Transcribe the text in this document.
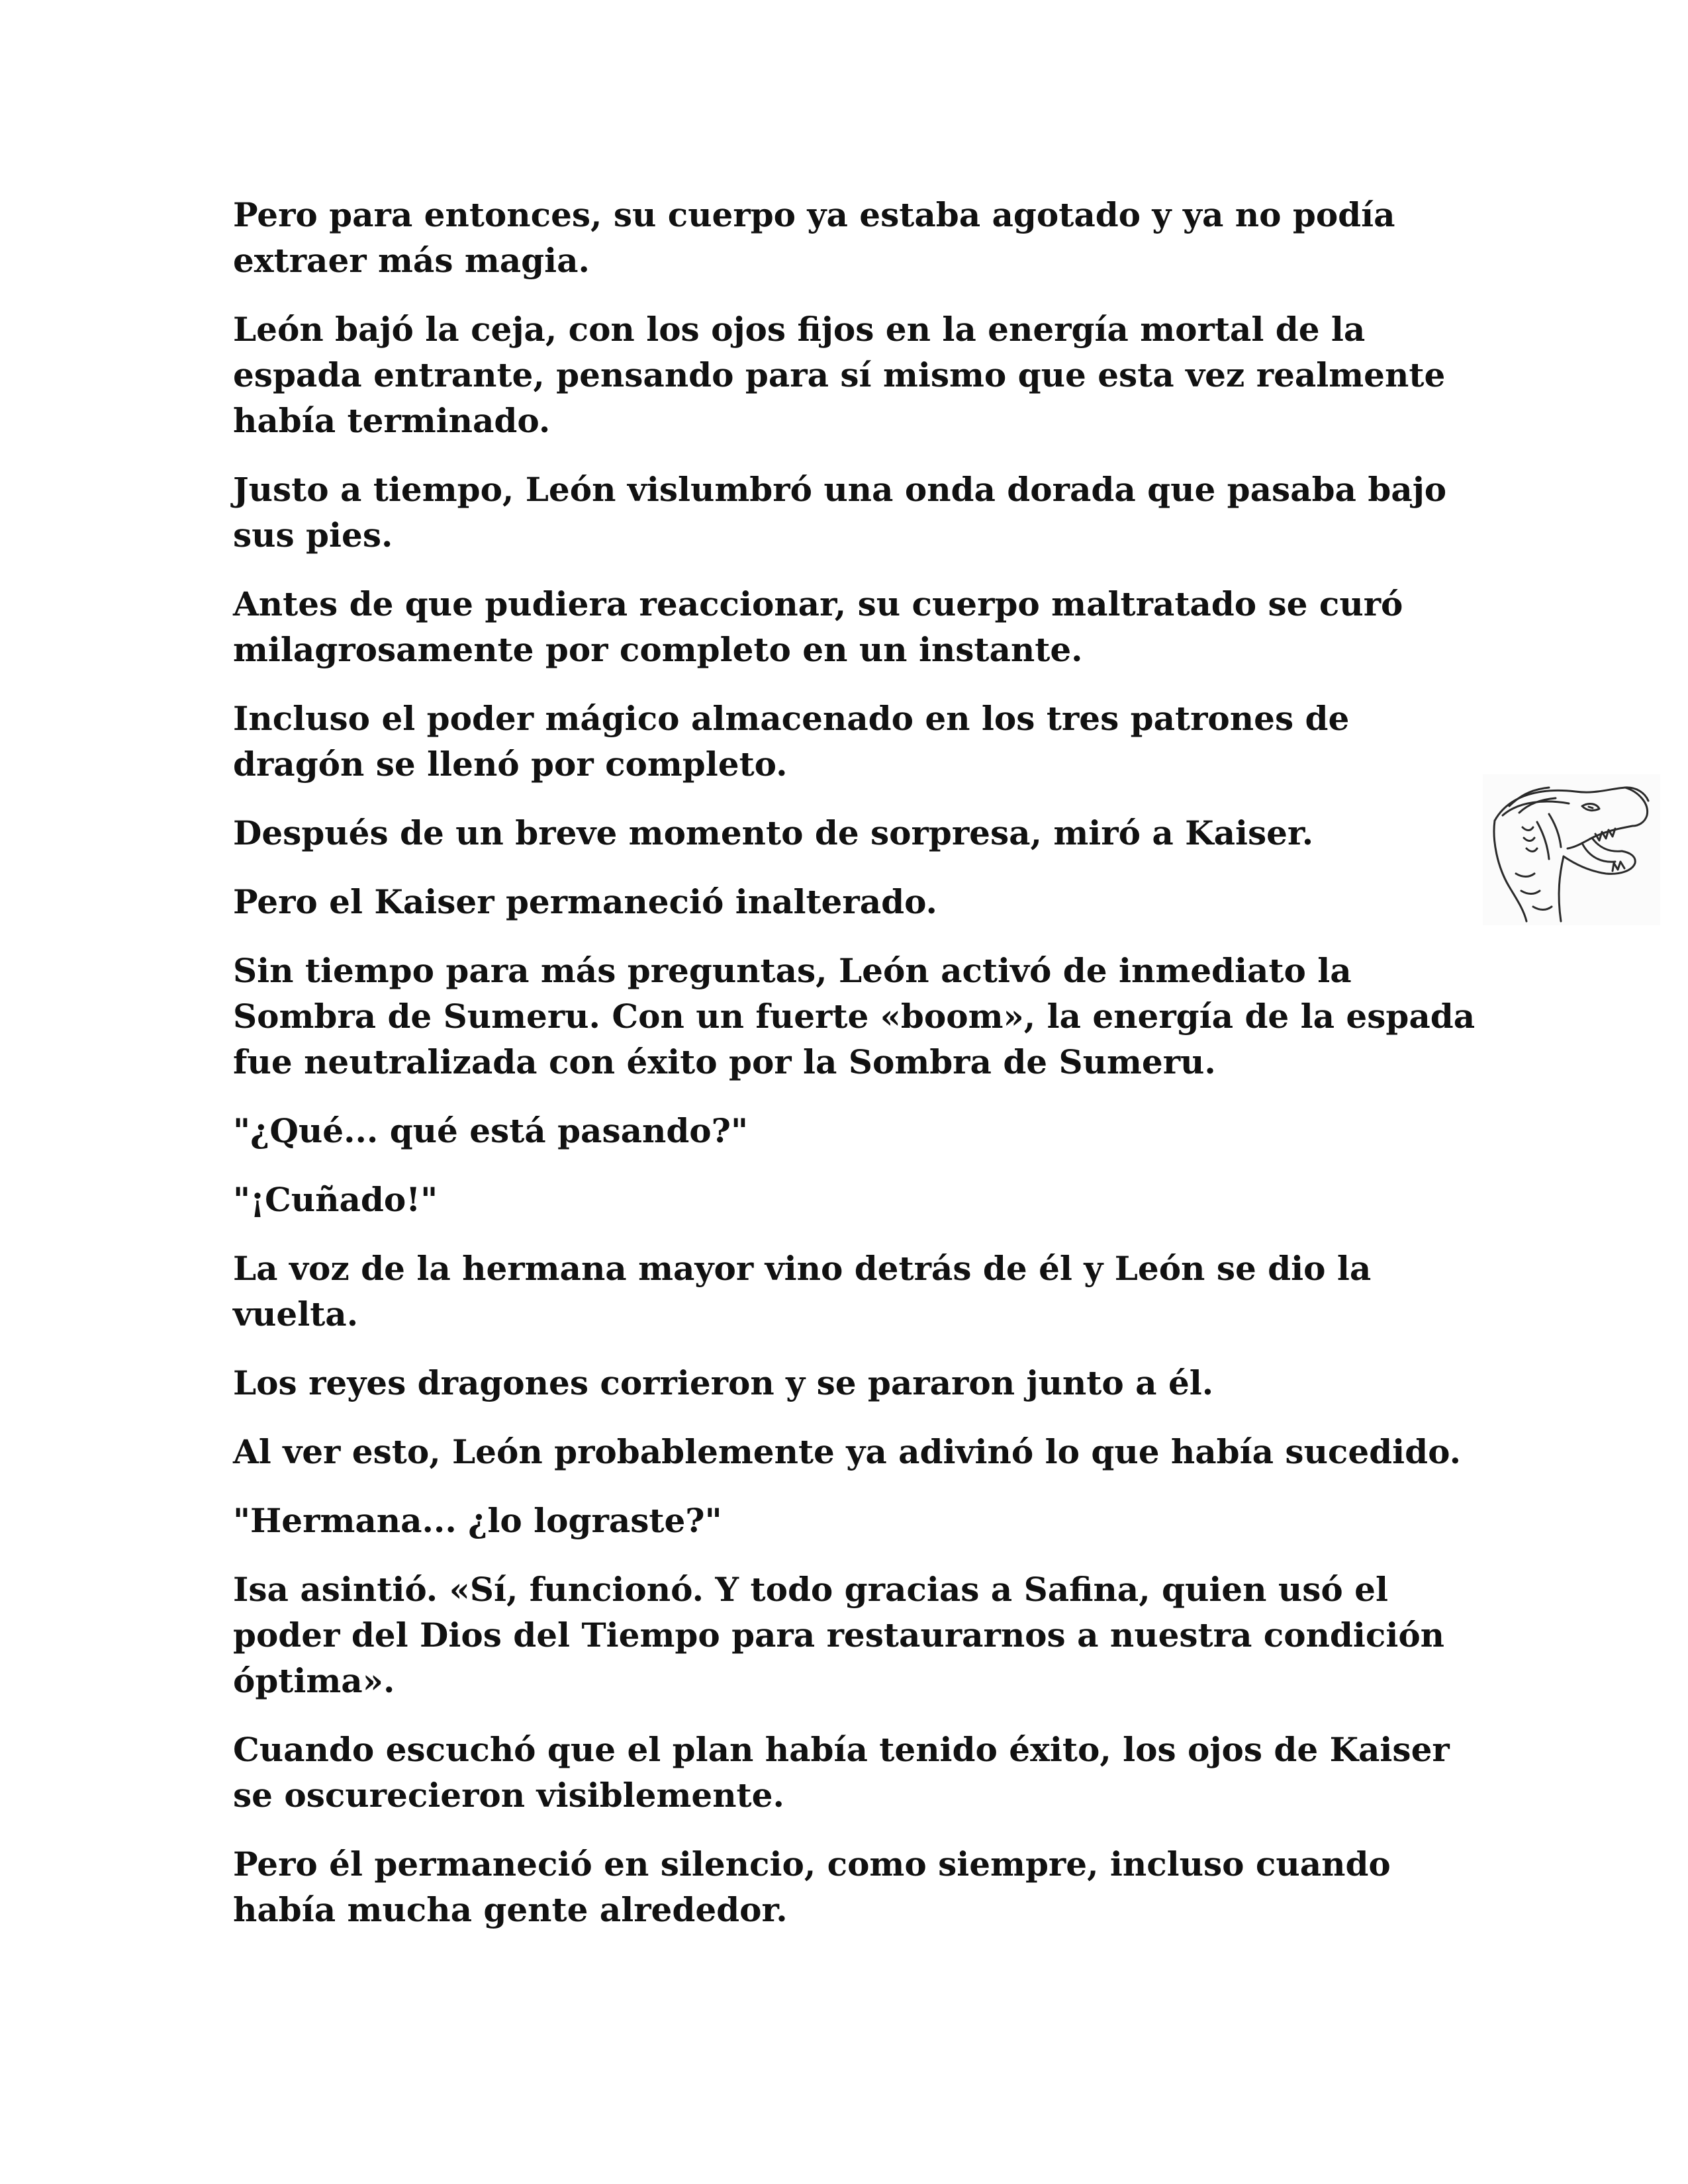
Pero para entonces, su cuerpo ya estaba agotado y ya no podía extraer más magia.

León bajó la ceja, con los ojos fijos en la energía mortal de la espada entrante, pensando para sí mismo que esta vez realmente había terminado.

Justo a tiempo, León vislumbró una onda dorada que pasaba bajo sus pies.

Antes de que pudiera reaccionar, su cuerpo maltratado se curó milagrosamente por completo en un instante.

Incluso el poder mágico almacenado en los tres patrones de dragón se llenó por completo.

Después de un breve momento de sorpresa, miró a Kaiser.

Pero el Kaiser permaneció inalterado.

Sin tiempo para más preguntas, León activó de inmediato la Sombra de Sumeru. Con un fuerte «boom», la energía de la espada fue neutralizada con éxito por la Sombra de Sumeru.

"¿Qué... qué está pasando?"

"¡Cuñado!"

La voz de la hermana mayor vino detrás de él y León se dio la vuelta.

Los reyes dragones corrieron y se pararon junto a él.

Al ver esto, León probablemente ya adivinó lo que había sucedido.

"Hermana... ¿lo lograste?"

Isa asintió. «Sí, funcionó. Y todo gracias a Safina, quien usó el poder del Dios del Tiempo para restaurarnos a nuestra condición óptima».

Cuando escuchó que el plan había tenido éxito, los ojos de Kaiser se oscurecieron visiblemente.

Pero él permaneció en silencio, como siempre, incluso cuando había mucha gente alrededor.
